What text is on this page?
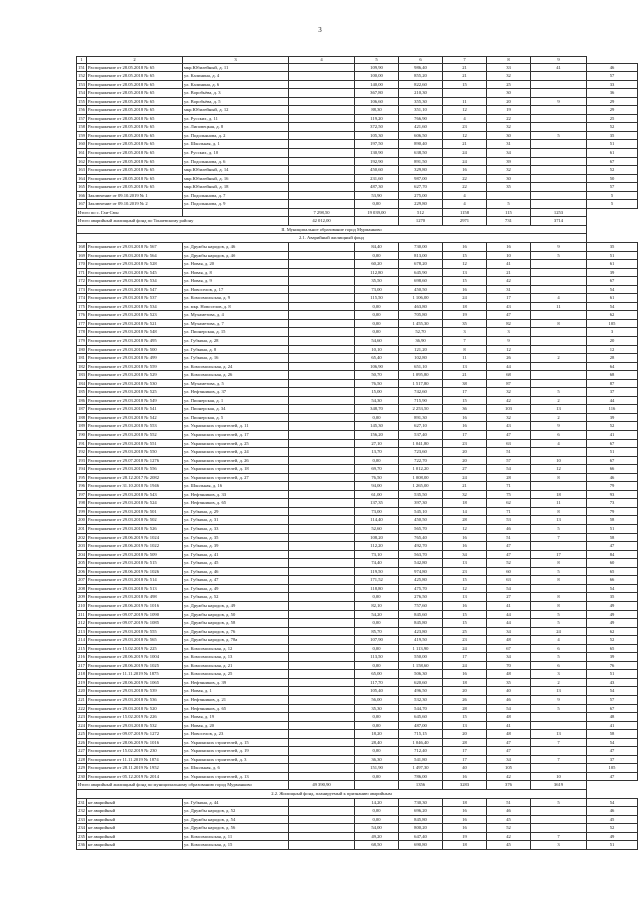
3
1	2	3	4	5	6	7	8	9	
151	Распоряжение от 28.05.2018 № 65	мкр.Юбилейный, д. 11		109,90	986,40	21	33	41	46
152	Распоряжение от 28.05.2018 № 65	ул. Калинина, д. 4		100,00	855,20	21	32		57
153	Распоряжение от 28.05.2018 № 65	ул. Калинина, д. 6		140,00	822,60	15	25		33
154	Распоряжение от 28.05.2018 № 65	ул. Воробьёва, д. 3		367,80	210,30		30		36
155	Распоряжение от 28.05.2018 № 65	ул. Воробьёва, д. 5		106,60	355,30	11	20	9	29
156	Распоряжение от 28.05.2018 № 65	мкр.Юбилейный, д. 12		88,30	351,10	12	19		29
157	Распоряжение от 28.05.2018 № 65	ул. Русских, д. 11		119,20	766,90	4	22		25
158	Распоряжение от 28.05.2018 № 65	ул. Липовецкая, д. 8		372,50	421,60	23	32		52
159	Распоряжение от 28.05.2018 № 65	ул. Подольянова, д. 2		105,30	606,50	12	30	5	35
160	Распоряжение от 28.05.2018 № 65	ул. Школьная, д. 1		197,50	890,40	21	31		51
161	Распоряжение от 28.05.2018 № 65	ул. Русских, д. 10		130,90	638,50	24	34		61
162	Распоряжение от 28.05.2018 № 65	ул. Подольянова, д. 6		192,90	891,50	24	39		67
163	Распоряжение от 28.05.2018 № 65	мкр.Юбилейный, д. 14		450,60	329,80	16	32		52
164	Распоряжение от 28.05.2018 № 65	мкр.Юбилейный, д. 16		231,60	987,00	22	30		50
165	Распоряжение от 28.05.2018 № 65	мкр.Юбилейный, д. 18		487,30	627,70	22	35		57
166	Заключение от 09.10.2019 № 1	ул. Подольянова, д. 7		53,90	275,00	4			5
167	Заключение от 09.10.2019 № 2	ул. Подольянова, д. 9		0,00	229,80	4	5		5
Итого по с. Гаи-Сюн			7 298,50	19 039,00	512	1158	115	1253	
Итого аварийный жилищный фонд по Тонаевскому району			42 012,00		1270	2971	731	3714	
II. Муниципальное образование город Мурманково									
2.1. Аварийный жилищный фонд									
168	Распоряжение от 29.03.2018 № 567	ул. Дружбы народов, д. 46		84,40	730,00	16	16	9	35
169	Распоряжение от 29.03.2018 № 564	ул. Дружбы народов, д. 4б		0,00	813,00	15	10	5	51
170	Распоряжение от 29.03.2018 № 528	ул. Новая, д. 20		60,20	678,20	12	41		61
171	Распоряжение от 29.03.2018 № 545	ул. Новая, д. 8		112,80	645,90	13	21		39
172	Распоряжение от 29.03.2018 № 534	ул. Новая, д. 9		35,50	698,60	15	42		67
173	Распоряжение от 29.03.2018 № 547	ул. Новоселов, д. 17		73,00	450,50	16	31		54
174	Распоряжение от 29.03.2018 № 537	ул. Комсомольская, д. 9		115,50	1 106,00	24	17	4	61
175	Распоряжение от 29.03.2018 № 534	ул. мкр. Новоселов, д. 8		0,00	463,80	18	43	11	54
176	Распоряжение от 29.03.2018 № 523	ул. Мухаметова, д. 4		0,00	705,80	19	47		62
177	Распоряжение от 29.03.2018 № 521	ул. Мухаметова, д. 7		0,00	1 455,30	35	82	8	105
178	Распоряжение от 29.03.2018 № 548	ул. Пионерская, д. 15		0,00	52,70	3	3		3
179	Распоряжение от 29.03.2018 № 495	ул. Губкина, д. 28		54,60	36,90	7	9		20
180	Распоряжение от 29.03.2018 № 500	ул. Губкина, д. 8		10,10	121,20	8	12		12
181	Распоряжение от 29.03.2018 № 499	ул. Губкина, д. 16		65,40	102,80	11	26	2	28
182	Распоряжение от 29.03.2018 № 559	ул. Комсомольская, д. 24		106,90	651,10	13	44		64
183	Распоряжение от 29.03.2018 № 529	ул. Комсомольская, д. 26		50,70	1 095,80	21	68		68
184	Распоряжение от 29.03.2018 № 530	ул. Мухаметова, д. 5		76,50	1 517,80	38	87		87
185	Распоряжение от 29.03.2018 № 525	ул. Нефтяников, д. 37		15,00	742,60	17	32	5	37
186	Распоряжение от 29.03.2018 № 549	ул. Пионерская, д. 1		54,30	715,90	15	42	2	44
187	Распоряжение от 29.03.2018 № 541	ул. Пионерская, д. 34		348,70	2 253,50	36	103	13	116
188	Распоряжение от 29.03.2018 № 542	ул. Пионерская, д. 5		0,00	891,30	16	32	2	39
189	Распоряжение от 29.03.2018 № 553	ул. Украинских строителей, д. 11		145,30	627,10	16	43	9	52
190	Распоряжение от 29.03.2018 № 552	ул. Украинских строителей, д. 17		156,20	537,40	17	47	6	41
191	Распоряжение от 29.03.2018 № 551	ул. Украинских строителей, д. 25		27,10	1 041,80	23	63	4	67
192	Распоряжение от 29.03.2018 № 550	ул. Украинских строителей, д. 24		13,70	723,60	20	51		51
193	Распоряжение от 29.07.2018 № 1276	ул. Украинских строителей, д. 26		0,00	722,70	20	57	10	67
194	Распоряжение от 29.03.2018 № 556	ул. Украинских строителей, д. 18		69,70	1 012,20	27	54	12	66
195	Распоряжение от 28.12.2017 № 2082	ул. Украинских строителей, д. 27		76,50	1 008,00	24	28	8	46
196	Распоряжение от 31.10.2018 № 1946	ул. Школьная, д. 16		94,00	1 265,00	21	71		79
197	Распоряжение от 29.03.2018 № 543	ул. Нефтяников, д. 33		61,00	535,50	32	75	18	93
198	Распоряжение от 29.03.2018 № 524	ул. Нефтяников, д. 65		137,35	397,30	18	62	11	73
199	Распоряжение от 29.03.2018 № 501	ул. Губкина, д. 29		73,00	545,10	14	71	8	79
200	Распоряжение от 29.03.2018 № 502	ул. Губкина, д. 31		114,40	450,50	28	53	13	58
201	Распоряжение от 29.03.2018 № 526	ул. Губкина, д. 33		52,60	565,70	12	46	5	51
202	Распоряжение от 28.06.2019 № 1024	ул. Губкина, д. 35		108,20	765,40	16	51	7	58
203	Распоряжение от 28.06.2019 № 1022	ул. Губкина, д. 39		112,20	492,70	16	47		47
204	Распоряжение от 29.03.2018 № 509	ул. Губкина, д. 41		73,10	563,70	34	47	17	84
205	Распоряжение от 29.03.2018 № 515	ул. Губкина, д. 45		74,40	542,80	13	52	8	60
206	Распоряжение от 28.06.2019 № 1026	ул. Губкина, д. 46		119,50	974,80	23	60	5	65
207	Распоряжение от 29.03.2018 № 514	ул. Губкина, д. 47		171,52	425,80	15	63	8	66
208	Распоряжение от 29.03.2018 № 513	ул. Губкина, д. 49		118,80	475,70	12	54		54
209	Распоряжение от 29.03.2018 № 498	ул. Губкина, д. 52		0,00	276,50	13	27	8	35
210	Распоряжение от 28.06.2019 № 1016	ул. Дружбы народов, д. 49		82,10	757,60	16	41	8	49
211	Распоряжение от 09.07.2019 № 1090	ул. Дружбы народов, д. 50		54,20	845,60	15	44	5	49
212	Распоряжение от 09.07.2019 № 1085	ул. Дружбы народов, д. 58		0,00	845,80	15	44	5	49
213	Распоряжение от 29.03.2018 № 555	ул. Дружбы народов, д. 76		85,70	423,80	25	34	24	62
214	Распоряжение от 29.03.2018 № 565	ул. Дружбы народов, д. 78а		107,90	419,50	23	48	4	52
215	Распоряжение от 15.02.2019 № 225	ул. Комсомольская, д. 12		0,00	1 113,90	24	67	6	65
216	Распоряжение от 28.06.2019 № 1004	ул. Комсомольская, д. 13		113,50	550,00	17	34	5	39
217	Распоряжение от 28.06.2019 № 1025	ул. Комсомольская, д. 21		0,00	1 158,60	24	70	6	76
218	Распоряжение от 11.11.2019 № 1875	ул. Комсомольская, д. 25		65,00	506,30	16	48	3	51
219	Распоряжение от 28.06.2019 № 1065	ул. Нефтяников, д. 39		117,70	620,60	18	35	2	43
220	Распоряжение от 29.03.2018 № 539	ул. Новая, д. 1		105,40	496,50	20	40	13	54
221	Распоряжение от 29.03.2018 № 536	ул. Нефтяников, д. 21		56,00	532,30	26	46	9	57
222	Распоряжение от 29.03.2018 № 520	ул. Нефтяников, д. 65		35,30	544,70	28	54	5	67
223	Распоряжение от 15.02.2019 № 226	ул. Новая, д. 19		0,00	645,60	15	48		48
224	Распоряжение от 29.03.2018 № 532	ул. Новая, д. 20		0,00	487,00	13	41		41
225	Распоряжение от 09.07.2019 № 1272	ул. Новоселов, д. 23		18,20	715,15	20	48	13	58
226	Распоряжение от 28.06.2019 № 1016	ул. Украинских строителей, д. 15		28,40	1 046,40	28	47	7	54
227	Распоряжение от 15.02.2019 № 230	ул. Украинских строителей, д. 19		0,00	712,40	17	47		47
228	Распоряжение от 11.11.2019 № 1874	ул. Украинских строителей, д. 3		36,30	541,80	17	34	7	37
229	Распоряжение от 28.11.2019 № 1952	ул. Школьная, д. 6		151,90	1 497,30	40	105		105
230	Распоряжение от 05.12.2019 № 2014	ул. Украинских строителей, д. 13		0,00	786,00	16	42	10	47
Итого аварийный жилищный фонд по муниципальному образованию город Мурманково			49 390,90		1356	3283	376	3619	
2.2. Жилищный фонд, планируемый к признанию аварийным									
231	не аварийный	ул. Губкина, д. 44		14,20	730,30	18	51	5	54
232	не аварийный	ул. Дружбы народов, д. 52		0,00	696,20	16	46		46
233	не аварийный	ул. Дружбы народов, д. 54		0,00	845,80	16	45		45
234	не аварийный	ул. Дружбы народов, д. 56		54,00	800,20	16	52		52
235	не аварийный	ул. Комсомольская, д. 11		49,20	647,40	19	42	7	49
236	не аварийный	ул. Комсомольская, д. 15		68,50	690,80	18	45	3	51
